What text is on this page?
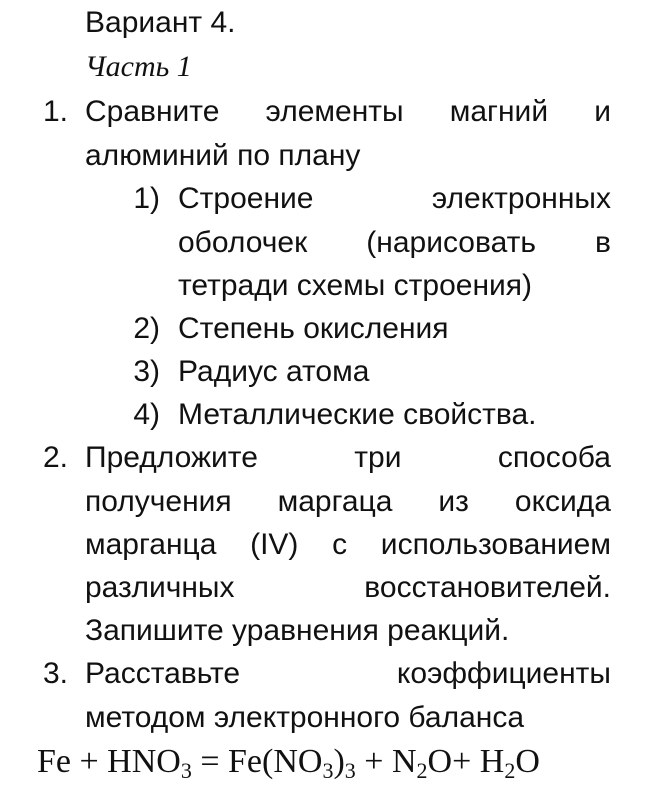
Вариант 4.
Часть 1
1. Сравните элементы магний и
алюминий по плану
1) Строение электронных
оболочек (нарисовать в
тетради схемы строения)
2) Степень окисления
3) Радиус атома
4) Металлические свойства.
2. Предложите три способа
получения маргаца из оксида
марганца (IV) с использованием
различных восстановителей.
Запишите уравнения реакций.
3. Расставьте коэффициенты
методом электронного баланса
$Fe + HNO_3 = Fe(NO_3)_3 + N_2O+ H_2O$
